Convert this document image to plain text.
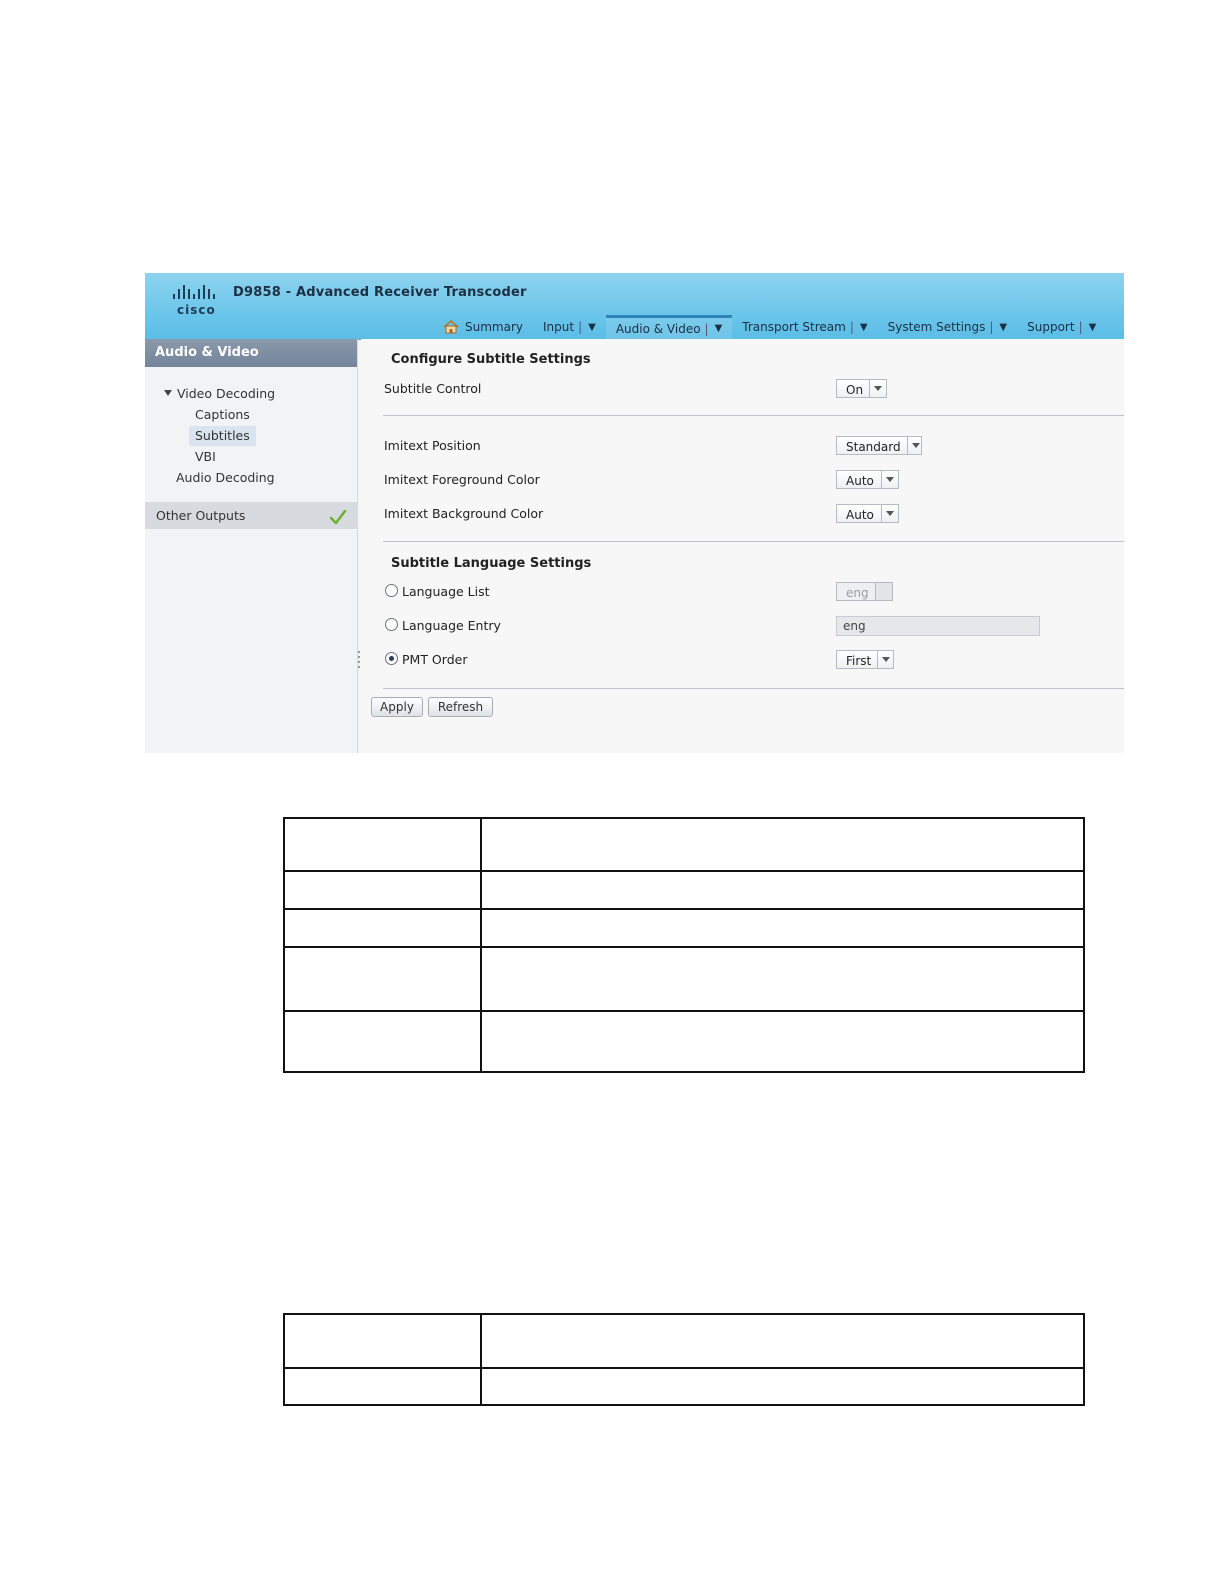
cisco
D9858 - Advanced Receiver Transcoder
Summary Input | ▼ Audio & Video | ▼ Transport Stream | ▼ System Settings | ▼ Support | ▼
Audio & Video
Video Decoding
Captions
Subtitles
VBI
Audio Decoding
Other Outputs
Configure Subtitle Settings
Subtitle Control	On
Imitext Position	Standard
Imitext Foreground Color	Auto
Imitext Background Color	Auto
Subtitle Language Settings
Language List	eng
Language Entry	eng
PMT Order	First
Apply	Refresh
